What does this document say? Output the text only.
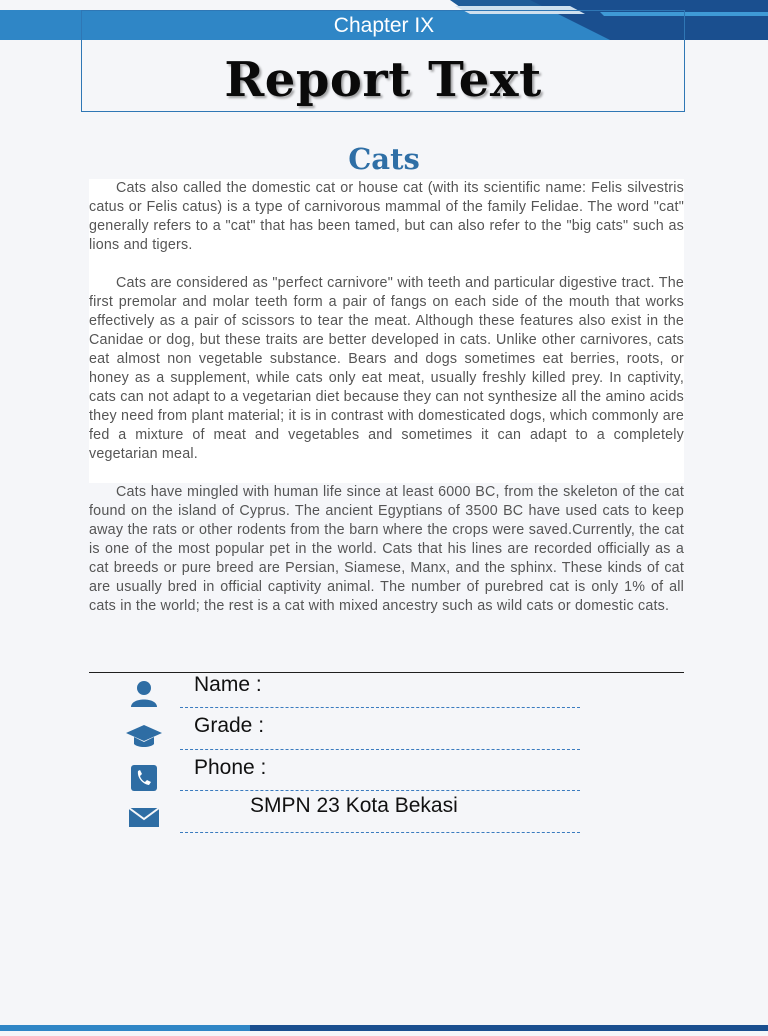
Chapter IX
Report Text
Cats

Cats also called the domestic cat or house cat (with its scientific name: Felis silvestris catus or Felis catus) is a type of carnivorous mammal of the family Felidae. The word "cat" generally refers to a "cat" that has been tamed, but can also refer to the "big cats" such as lions and tigers.

Cats are considered as "perfect carnivore" with teeth and particular digestive tract. The first premolar and molar teeth form a pair of fangs on each side of the mouth that works effectively as a pair of scissors to tear the meat. Although these features also exist in the Canidae or dog, but these traits are better developed in cats. Unlike other carnivores, cats eat almost non vegetable substance. Bears and dogs sometimes eat berries, roots, or honey as a supplement, while cats only eat meat, usually freshly killed prey. In captivity, cats can not adapt to a vegetarian diet because they can not synthesize all the amino acids they need from plant material; it is in contrast with domesticated dogs, which commonly are fed a mixture of meat and vegetables and sometimes it can adapt to a completely vegetarian meal.

Cats have mingled with human life since at least 6000 BC, from the skeleton of the cat found on the island of Cyprus. The ancient Egyptians of 3500 BC have used cats to keep away the rats or other rodents from the barn where the crops were saved.Currently, the cat is one of the most popular pet in the world. Cats that his lines are recorded officially as a cat breeds or pure breed are Persian, Siamese, Manx, and the sphinx. These kinds of cat are usually bred in official captivity animal. The number of purebred cat is only 1% of all cats in the world; the rest is a cat with mixed ancestry such as wild cats or domestic cats.

Name :
Grade :
Phone :
SMPN 23 Kota Bekasi
